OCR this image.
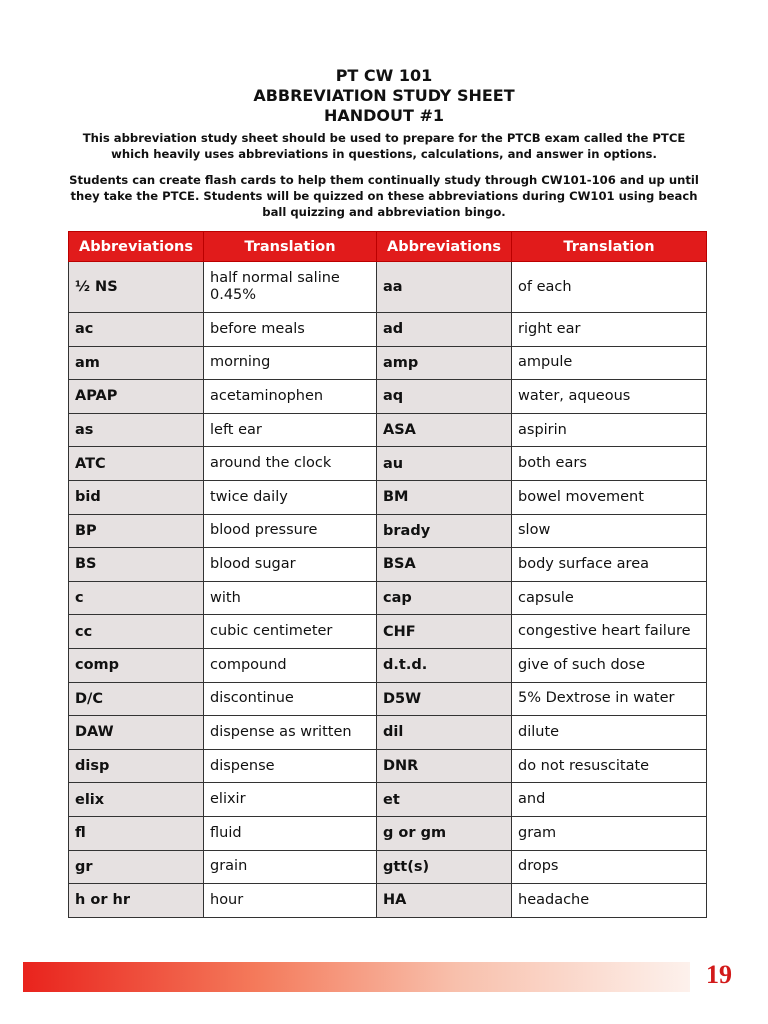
PT CW 101
ABBREVIATION STUDY SHEET
HANDOUT #1
This abbreviation study sheet should be used to prepare for the PTCB exam called the PTCE which heavily uses abbreviations in questions, calculations, and answer in options.
Students can create flash cards to help them continually study through CW101-106 and up until they take the PTCE. Students will be quizzed on these abbreviations during CW101 using beach ball quizzing and abbreviation bingo.
Abbreviations	Translation	Abbreviations	Translation
½ NS	half normal saline 0.45%	aa	of each
ac	before meals	ad	right ear
am	morning	amp	ampule
APAP	acetaminophen	aq	water, aqueous
as	left ear	ASA	aspirin
ATC	around the clock	au	both ears
bid	twice daily	BM	bowel movement
BP	blood pressure	brady	slow
BS	blood sugar	BSA	body surface area
c	with	cap	capsule
cc	cubic centimeter	CHF	congestive heart failure
comp	compound	d.t.d.	give of such dose
D/C	discontinue	D5W	5% Dextrose in water
DAW	dispense as written	dil	dilute
disp	dispense	DNR	do not resuscitate
elix	elixir	et	and
fl	fluid	g or gm	gram
gr	grain	gtt(s)	drops
h or hr	hour	HA	headache
19
